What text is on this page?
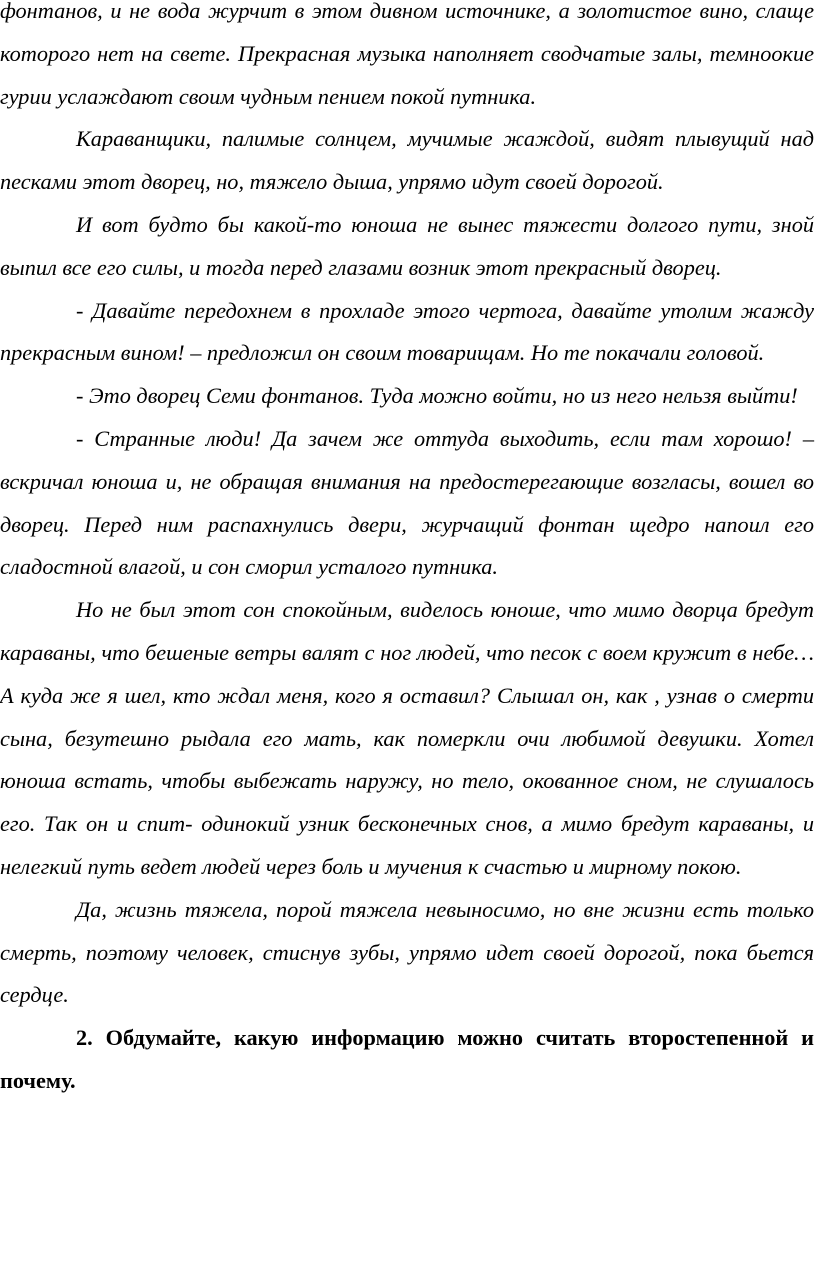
фонтанов, и не вода журчит в этом дивном источнике, а золотистое вино, слаще которого нет на свете. Прекрасная музыка наполняет сводчатые залы, темноокие гурии услаждают своим чудным пением покой путника.

Караванщики, палимые солнцем, мучимые жаждой, видят плывущий над песками этот дворец, но, тяжело дыша, упрямо идут своей дорогой.

И вот будто бы какой-то юноша не вынес тяжести долгого пути, зной выпил все его силы, и тогда перед глазами возник этот прекрасный дворец.

- Давайте передохнем в прохладе этого чертога, давайте утолим жажду прекрасным вином! – предложил он своим товарищам. Но те покачали головой.

- Это дворец Семи фонтанов. Туда можно войти, но из него нельзя выйти!

- Странные люди! Да зачем же оттуда выходить, если там хорошо! – вскричал юноша и, не обращая внимания на предостерегающие возгласы, вошел во дворец. Перед ним распахнулись двери, журчащий фонтан щедро напоил его сладостной влагой, и сон сморил усталого путника.

Но не был этот сон спокойным, виделось юноше, что мимо дворца бредут караваны, что бешеные ветры валят с ног людей, что песок с воем кружит в небе… А куда же я шел, кто ждал меня, кого я оставил? Слышал он, как , узнав о смерти сына, безутешно рыдала его мать, как померкли очи любимой девушки. Хотел юноша встать, чтобы выбежать наружу, но тело, окованное сном, не слушалось его. Так он и спит- одинокий узник бесконечных снов, а мимо бредут караваны, и нелегкий путь ведет людей через боль и мучения к счастью и мирному покою.

Да, жизнь тяжела, порой тяжела невыносимо, но вне жизни есть только смерть, поэтому человек, стиснув зубы, упрямо идет своей дорогой, пока бьется сердце.

2. Обдумайте, какую информацию можно считать второстепенной и почему.
